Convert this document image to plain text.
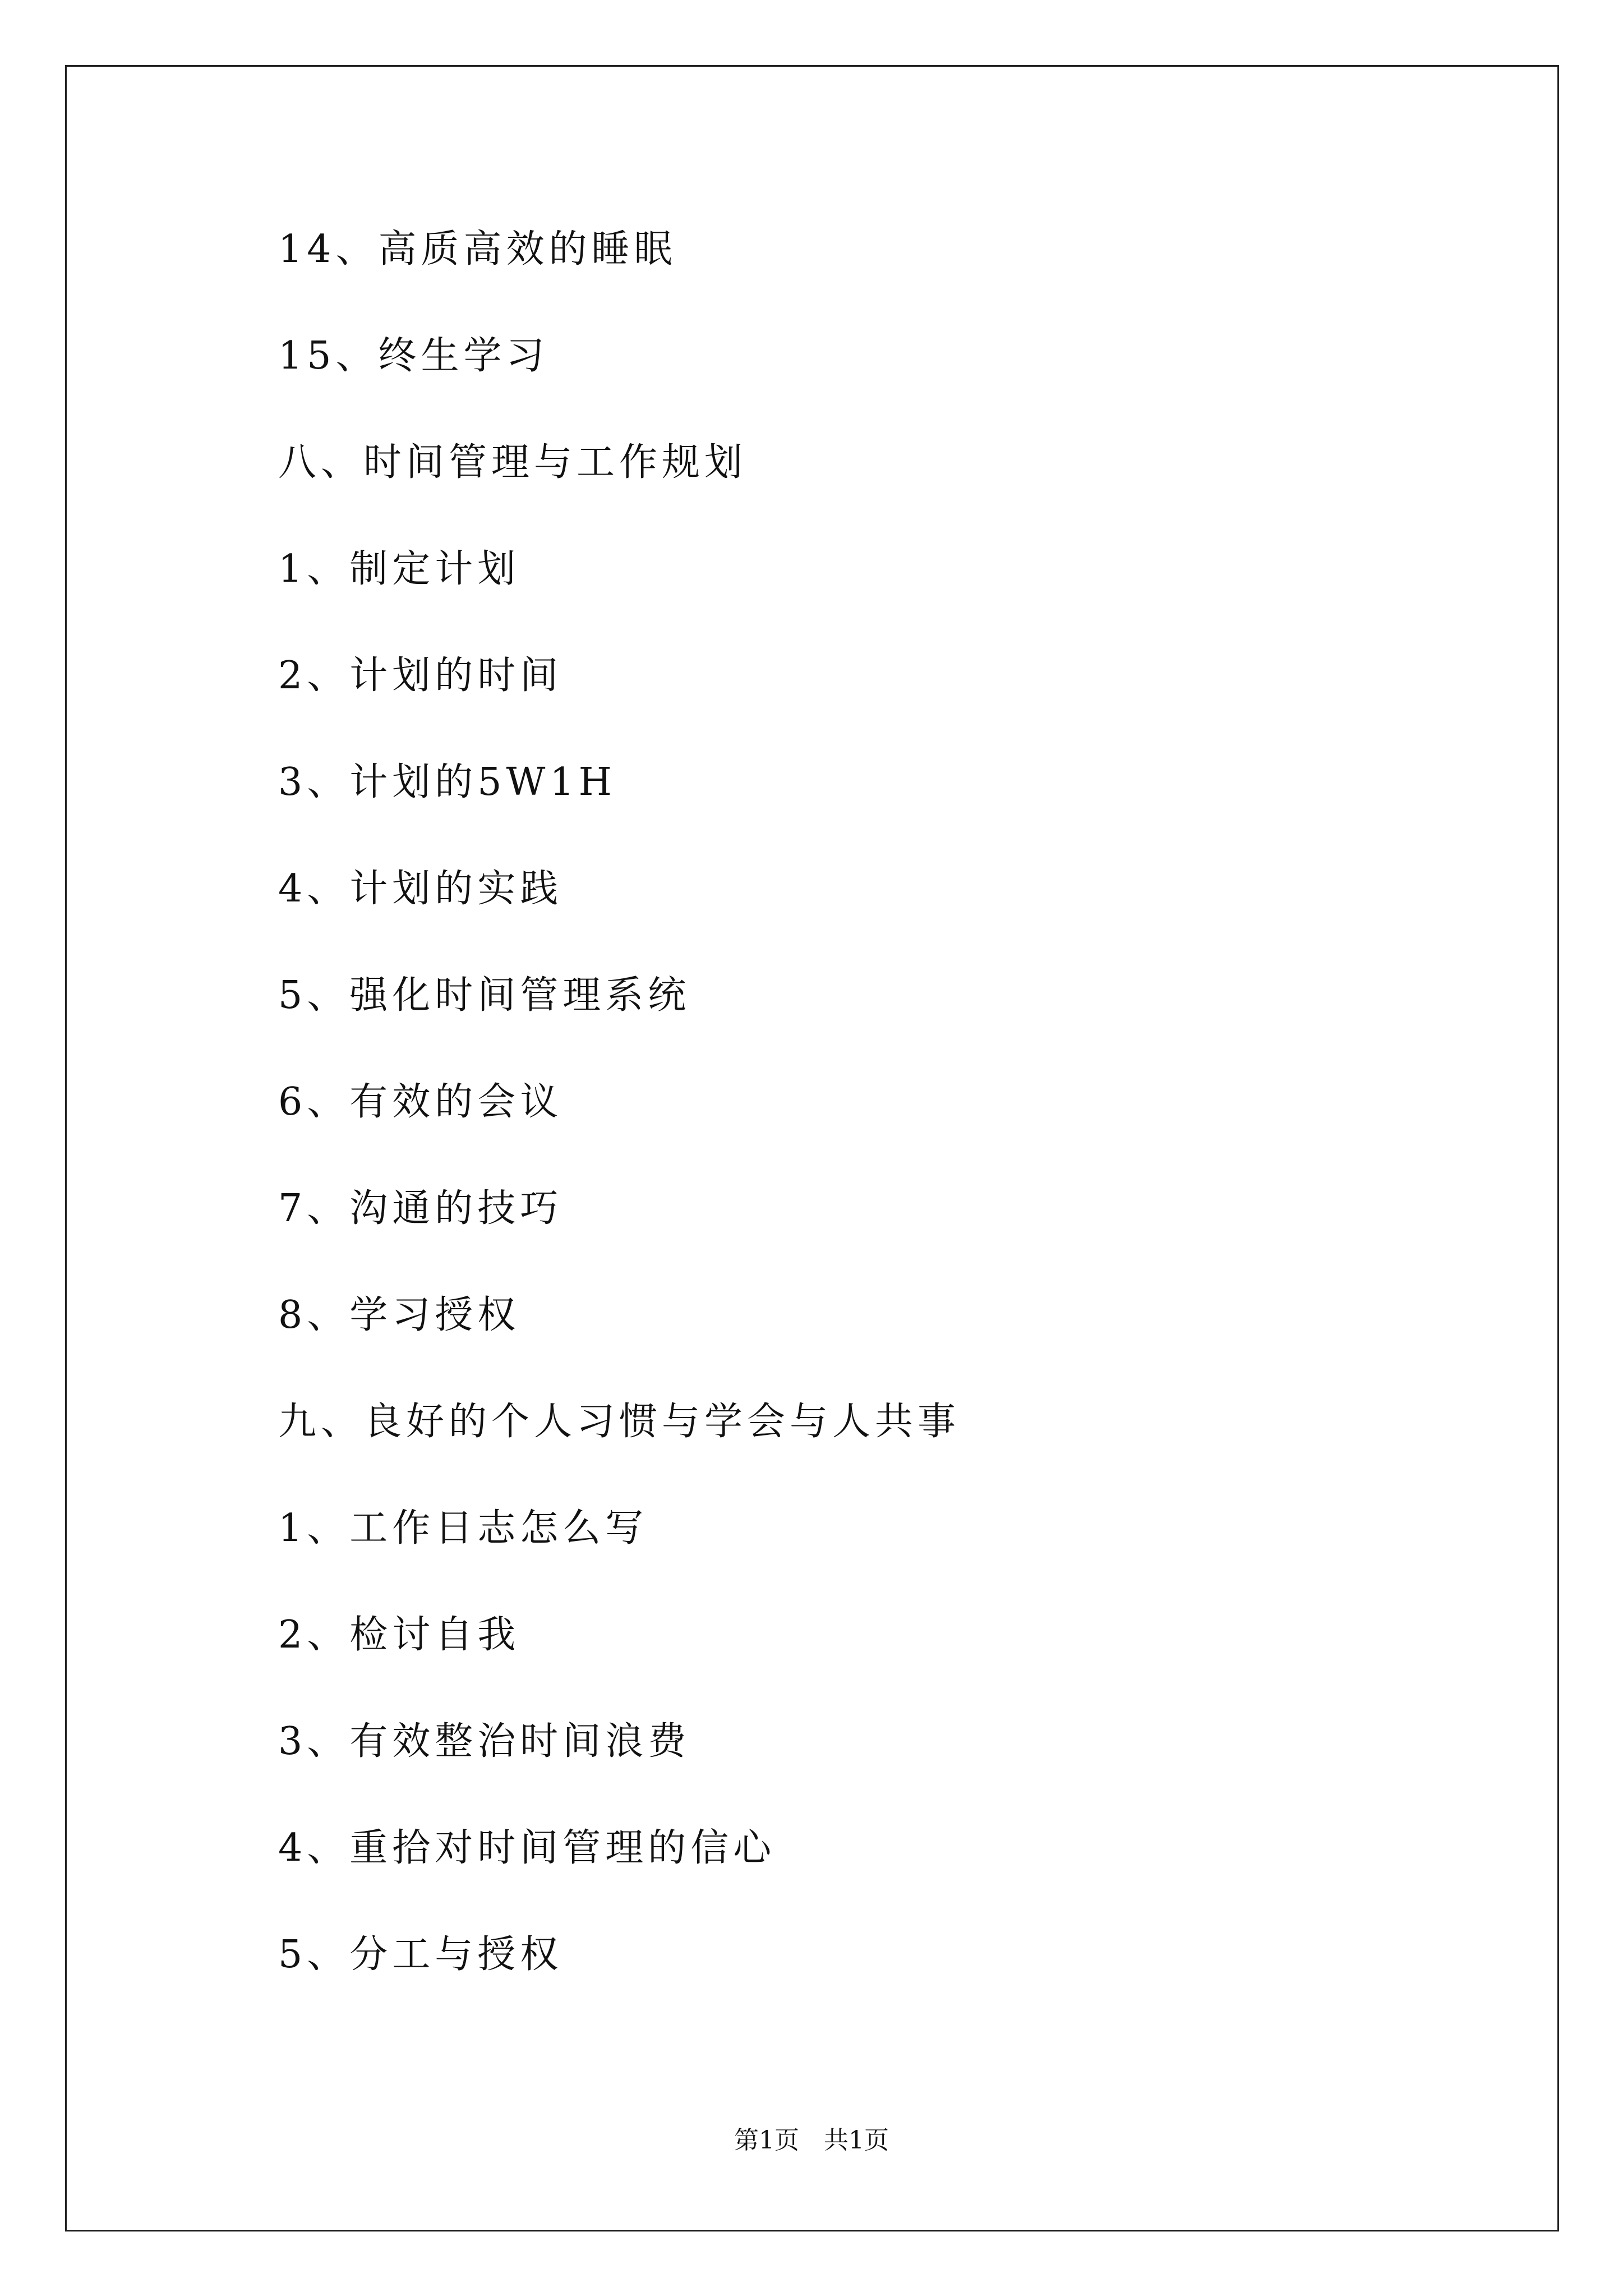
14、高质高效的睡眠
15、终生学习
八、时间管理与工作规划
1、制定计划
2、计划的时间
3、计划的5W1H
4、计划的实践
5、强化时间管理系统
6、有效的会议
7、沟通的技巧
8、学习授权
九、良好的个人习惯与学会与人共事
1、工作日志怎么写
2、检讨自我
3、有效整治时间浪费
4、重拾对时间管理的信心
5、分工与授权
第1页 共1页
